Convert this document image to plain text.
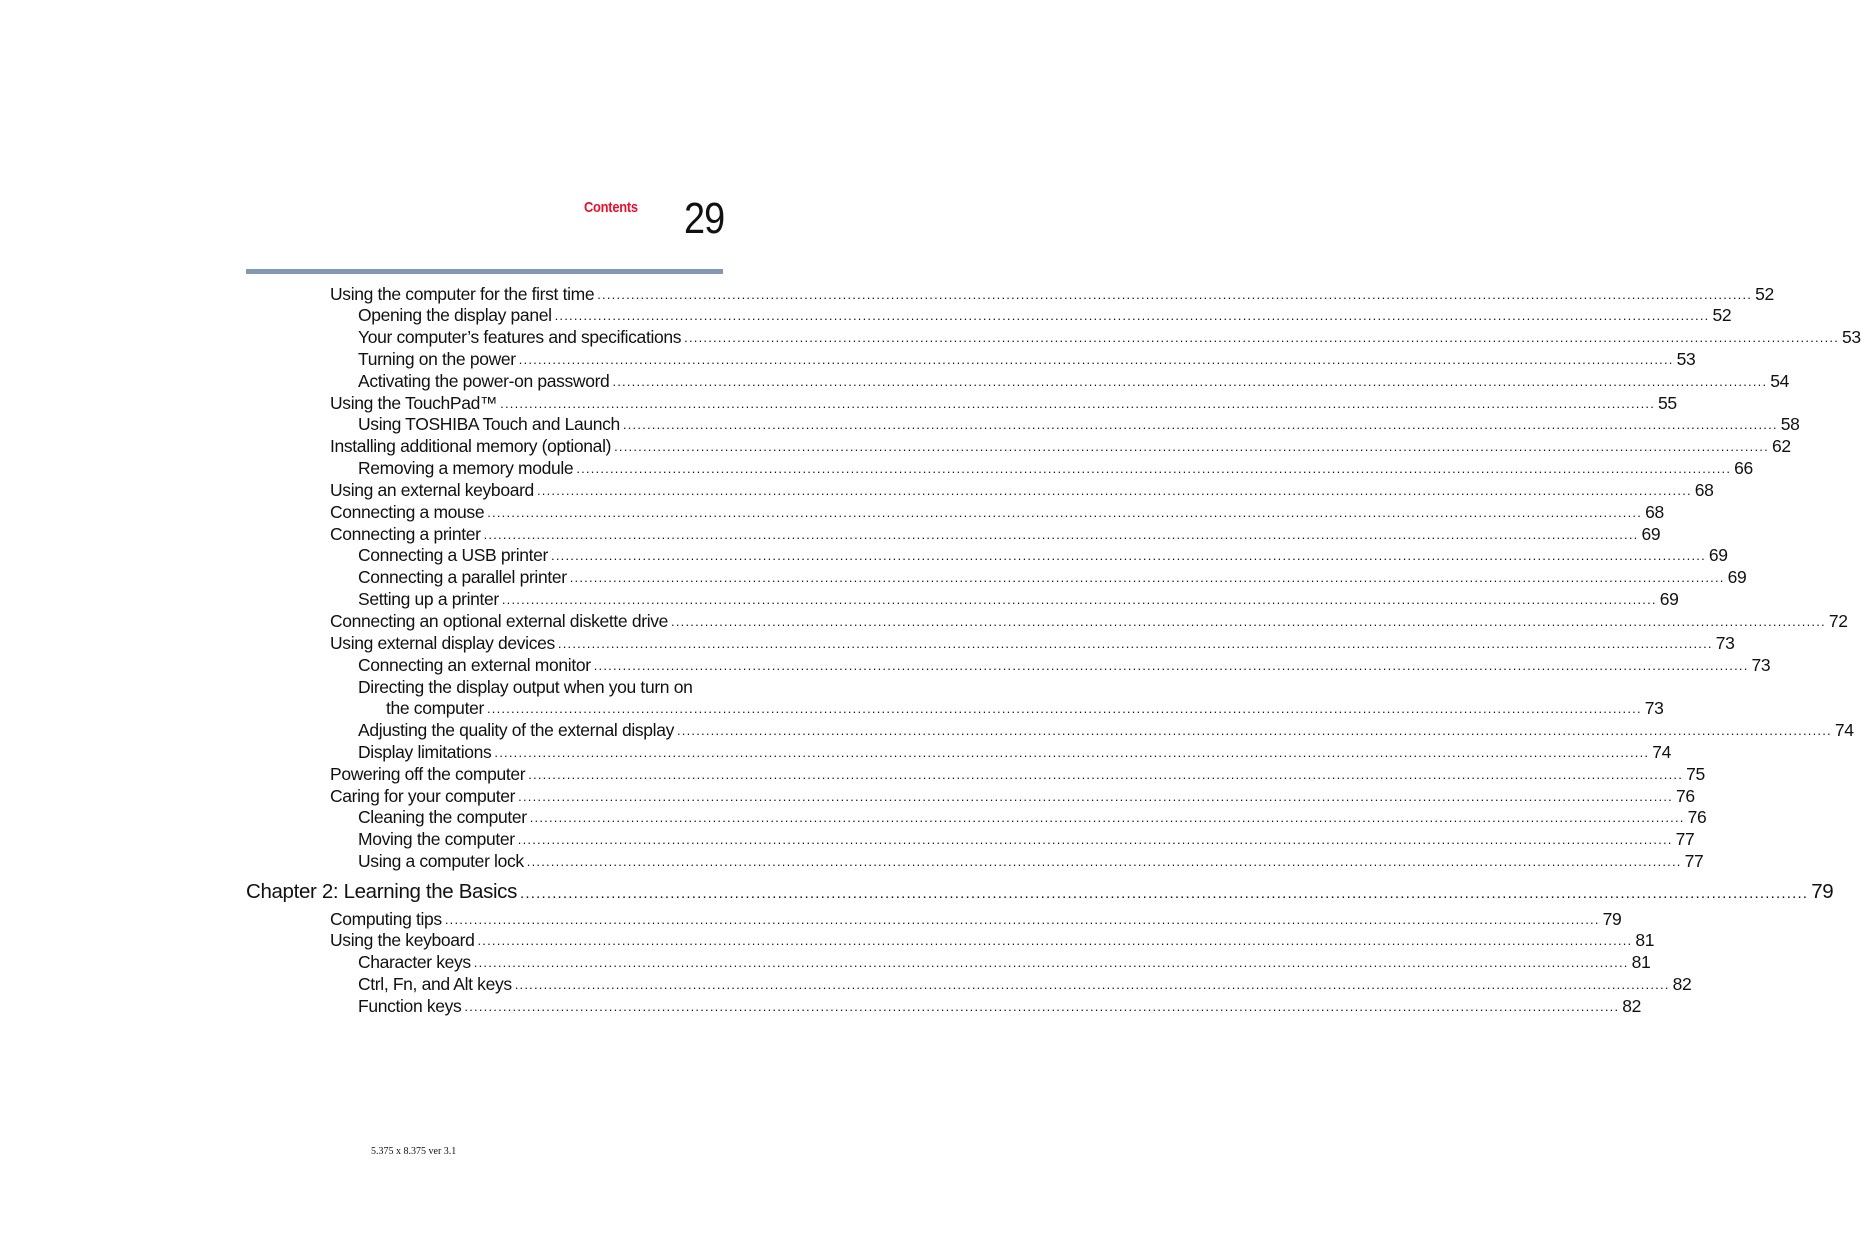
Contents 29
Using the computer for the first time ................................................................................................................................................................................................................................................ 52
Opening the display panel ................................................................................................................................................................................................................................................ 52
Your computer’s features and specifications ................................................................................................................................................................................................................................................ 53
Turning on the power ................................................................................................................................................................................................................................................ 53
Activating the power-on password ................................................................................................................................................................................................................................................ 54
Using the TouchPad™ ................................................................................................................................................................................................................................................ 55
Using TOSHIBA Touch and Launch ................................................................................................................................................................................................................................................ 58
Installing additional memory (optional) ................................................................................................................................................................................................................................................ 62
Removing a memory module ................................................................................................................................................................................................................................................ 66
Using an external keyboard ................................................................................................................................................................................................................................................ 68
Connecting a mouse ................................................................................................................................................................................................................................................ 68
Connecting a printer ................................................................................................................................................................................................................................................ 69
Connecting a USB printer ................................................................................................................................................................................................................................................ 69
Connecting a parallel printer ................................................................................................................................................................................................................................................ 69
Setting up a printer ................................................................................................................................................................................................................................................ 69
Connecting an optional external diskette drive ................................................................................................................................................................................................................................................ 72
Using external display devices ................................................................................................................................................................................................................................................ 73
Connecting an external monitor ................................................................................................................................................................................................................................................ 73
Directing the display output when you turn on
the computer ................................................................................................................................................................................................................................................ 73
Adjusting the quality of the external display ................................................................................................................................................................................................................................................ 74
Display limitations ................................................................................................................................................................................................................................................ 74
Powering off the computer ................................................................................................................................................................................................................................................ 75
Caring for your computer ................................................................................................................................................................................................................................................ 76
Cleaning the computer ................................................................................................................................................................................................................................................ 76
Moving the computer ................................................................................................................................................................................................................................................ 77
Using a computer lock ................................................................................................................................................................................................................................................ 77
Chapter 2: Learning the Basics ................................................................................................................................................................................................................................................ 79
Computing tips ................................................................................................................................................................................................................................................ 79
Using the keyboard ................................................................................................................................................................................................................................................ 81
Character keys ................................................................................................................................................................................................................................................ 81
Ctrl, Fn, and Alt keys ................................................................................................................................................................................................................................................ 82
Function keys ................................................................................................................................................................................................................................................ 82
5.375 x 8.375 ver 3.1
